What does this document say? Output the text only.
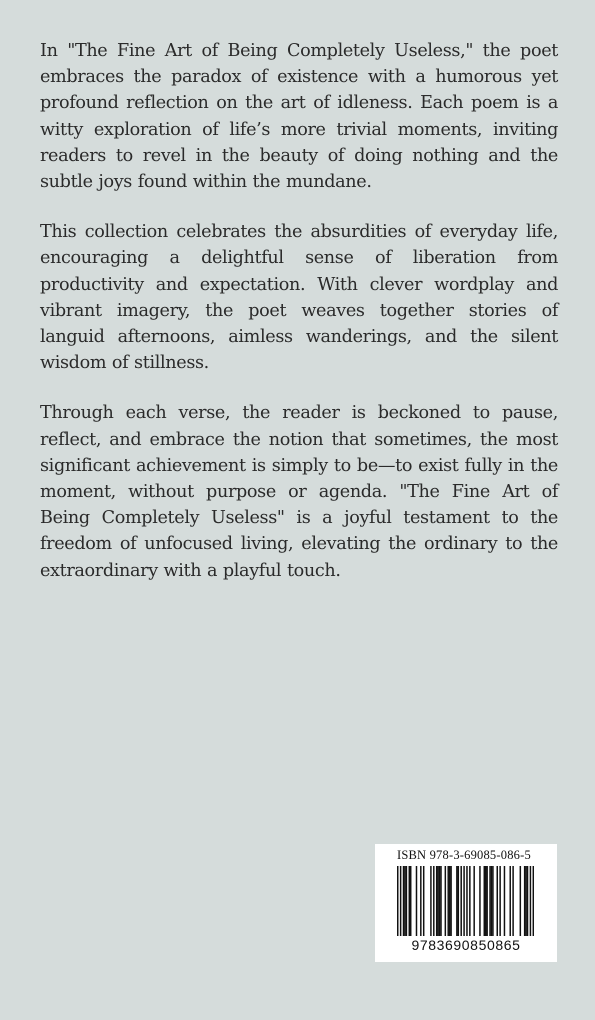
In "The Fine Art of Being Completely Useless," the poet embraces the paradox of existence with a humorous yet profound reflection on the art of idleness. Each poem is a witty exploration of life’s more trivial moments, inviting readers to revel in the beauty of doing nothing and the subtle joys found within the mundane.

This collection celebrates the absurdities of everyday life, encouraging a delightful sense of liberation from productivity and expectation. With clever wordplay and vibrant imagery, the poet weaves together stories of languid afternoons, aimless wanderings, and the silent wisdom of stillness.

Through each verse, the reader is beckoned to pause, reflect, and embrace the notion that sometimes, the most significant achievement is simply to be—to exist fully in the moment, without purpose or agenda. "The Fine Art of Being Completely Useless" is a joyful testament to the freedom of unfocused living, elevating the ordinary to the extraordinary with a playful touch.

ISBN 978-3-69085-086-5
9783690850865
